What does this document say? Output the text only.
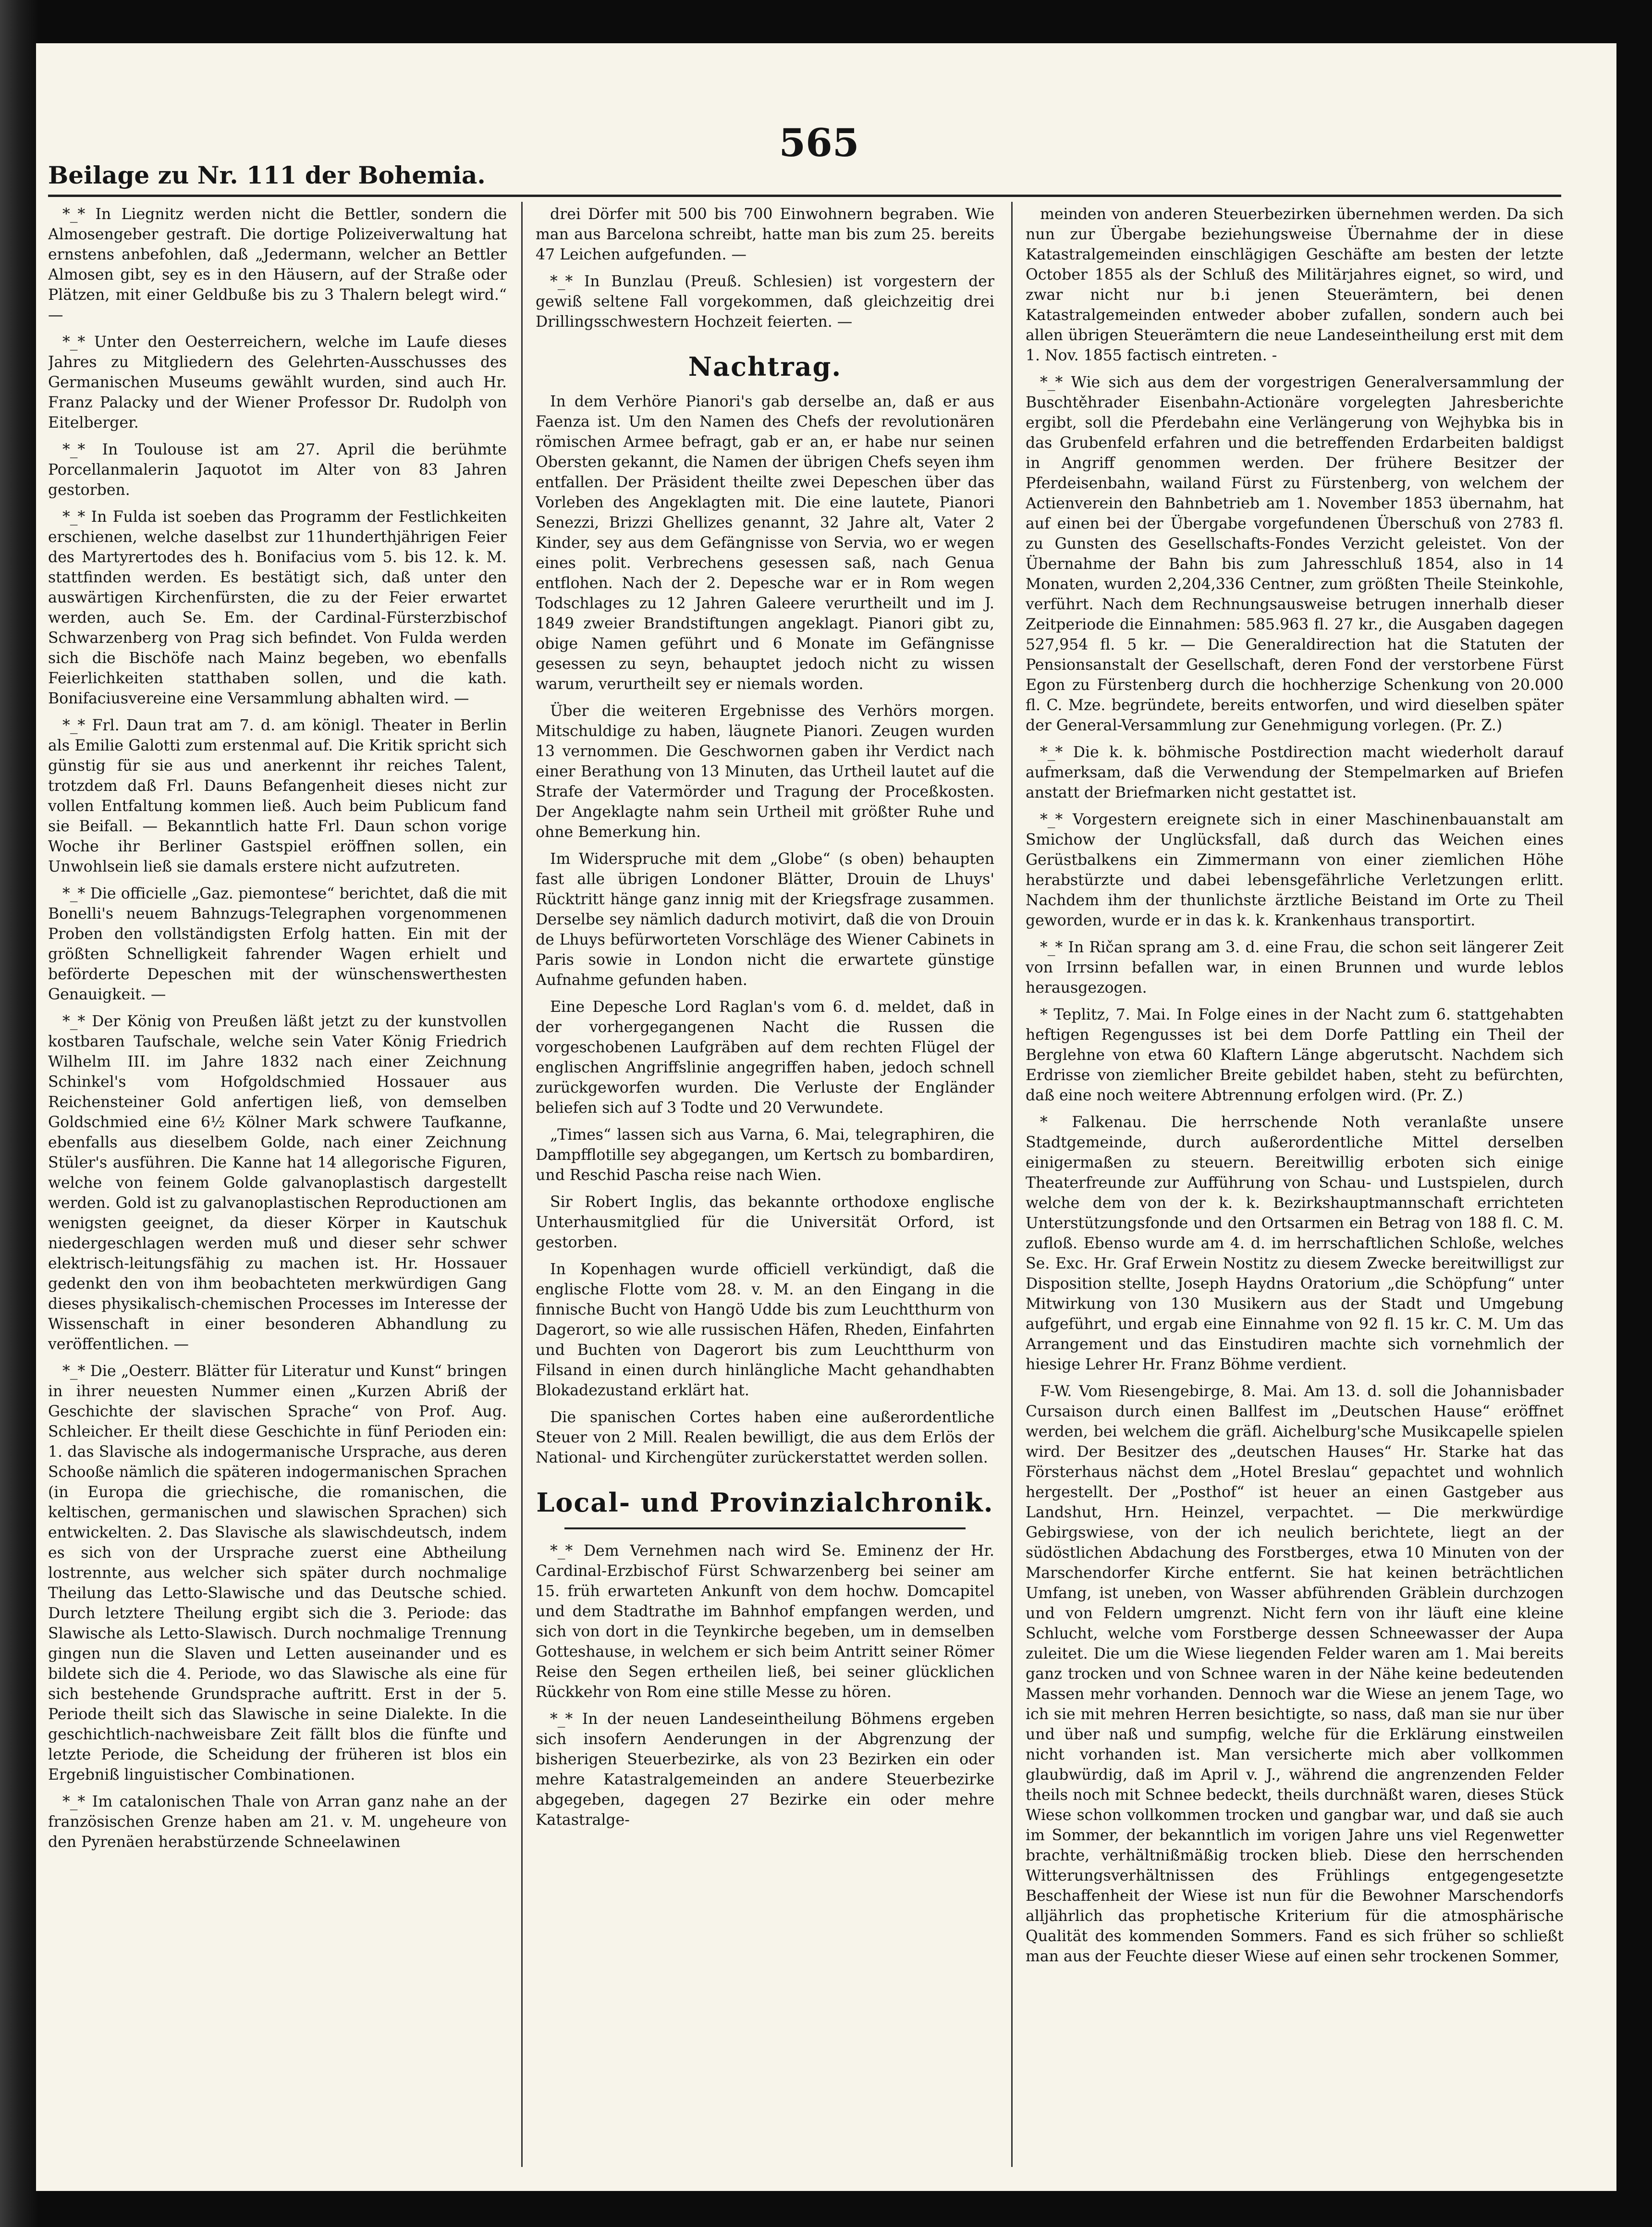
565
Beilage zu Nr. 111 der Bohemia.

*_* In Liegnitz werden nicht die Bettler, sondern die Almosengeber gestraft. Die dortige Polizeiverwaltung hat ernstens anbefohlen, daß „Jedermann, welcher an Bettler Almosen gibt, sey es in den Häusern, auf der Straße oder Plätzen, mit einer Geldbuße bis zu 3 Thalern belegt wird.“ —

*_* Unter den Oesterreichern, welche im Laufe dieses Jahres zu Mitgliedern des Gelehrten-Ausschusses des Germanischen Museums gewählt wurden, sind auch Hr. Franz Palacky und der Wiener Professor Dr. Rudolph von Eitelberger.

*_* In Toulouse ist am 27. April die berühmte Porcellanmalerin Jaquotot im Alter von 83 Jahren gestorben.

*_* In Fulda ist soeben das Programm der Festlichkeiten erschienen, welche daselbst zur 11hunderthjährigen Feier des Martyrertodes des h. Bonifacius vom 5. bis 12. k. M. stattfinden werden. Es bestätigt sich, daß unter den auswärtigen Kirchenfürsten, die zu der Feier erwartet werden, auch Se. Em. der Cardinal-Fürsterzbischof Schwarzenberg von Prag sich befindet. Von Fulda werden sich die Bischöfe nach Mainz begeben, wo ebenfalls Feierlichkeiten statthaben sollen, und die kath. Bonifaciusvereine eine Versammlung abhalten wird. —

*_* Frl. Daun trat am 7. d. am königl. Theater in Berlin als Emilie Galotti zum erstenmal auf. Die Kritik spricht sich günstig für sie aus und anerkennt ihr reiches Talent, trotzdem daß Frl. Dauns Befangenheit dieses nicht zur vollen Entfaltung kommen ließ. Auch beim Publicum fand sie Beifall. — Bekanntlich hatte Frl. Daun schon vorige Woche ihr Berliner Gastspiel eröffnen sollen, ein Unwohlsein ließ sie damals erstere nicht aufzutreten.

*_* Die officielle „Gaz. piemontese“ berichtet, daß die mit Bonelli's neuem Bahnzugs-Telegraphen vorgenommenen Proben den vollständigsten Erfolg hatten. Ein mit der größten Schnelligkeit fahrender Wagen erhielt und beförderte Depeschen mit der wünschenswerthesten Genauigkeit. —

*_* Der König von Preußen läßt jetzt zu der kunstvollen kostbaren Taufschale, welche sein Vater König Friedrich Wilhelm III. im Jahre 1832 nach einer Zeichnung Schinkel's vom Hofgoldschmied Hossauer aus Reichensteiner Gold anfertigen ließ, von demselben Goldschmied eine 6½ Kölner Mark schwere Taufkanne, ebenfalls aus dieselbem Golde, nach einer Zeichnung Stüler's ausführen. Die Kanne hat 14 allegorische Figuren, welche von feinem Golde galvanoplastisch dargestellt werden. Gold ist zu galvanoplastischen Reproductionen am wenigsten geeignet, da dieser Körper in Kautschuk niedergeschlagen werden muß und dieser sehr schwer elektrisch-leitungsfähig zu machen ist. Hr. Hossauer gedenkt den von ihm beobachteten merkwürdigen Gang dieses physikalisch-chemischen Processes im Interesse der Wissenschaft in einer besonderen Abhandlung zu veröffentlichen. —

*_* Die „Oesterr. Blätter für Literatur und Kunst“ bringen in ihrer neuesten Nummer einen „Kurzen Abriß der Geschichte der slavischen Sprache“ von Prof. Aug. Schleicher. Er theilt diese Geschichte in fünf Perioden ein: 1. das Slavische als indogermanische Ursprache, aus deren Schooße nämlich die späteren indogermanischen Sprachen (in Europa die griechische, die romanischen, die keltischen, germanischen und slawischen Sprachen) sich entwickelten. 2. Das Slavische als slawischdeutsch, indem es sich von der Ursprache zuerst eine Abtheilung lostrennte, aus welcher sich später durch nochmalige Theilung das Letto-Slawische und das Deutsche schied. Durch letztere Theilung ergibt sich die 3. Periode: das Slawische als Letto-Slawisch. Durch nochmalige Trennung gingen nun die Slaven und Letten auseinander und es bildete sich die 4. Periode, wo das Slawische als eine für sich bestehende Grundsprache auftritt. Erst in der 5. Periode theilt sich das Slawische in seine Dialekte. In die geschichtlich-nachweisbare Zeit fällt blos die fünfte und letzte Periode, die Scheidung der früheren ist blos ein Ergebniß linguistischer Combinationen.

*_* Im catalonischen Thale von Arran ganz nahe an der französischen Grenze haben am 21. v. M. ungeheure von den Pyrenäen herabstürzende Schneelawinen

drei Dörfer mit 500 bis 700 Einwohnern begraben. Wie man aus Barcelona schreibt, hatte man bis zum 25. bereits 47 Leichen aufgefunden. —

*_* In Bunzlau (Preuß. Schlesien) ist vorgestern der gewiß seltene Fall vorgekommen, daß gleichzeitig drei Drillingsschwestern Hochzeit feierten. —

Nachtrag.

In dem Verhöre Pianori's gab derselbe an, daß er aus Faenza ist. Um den Namen des Chefs der revolutionären römischen Armee befragt, gab er an, er habe nur seinen Obersten gekannt, die Namen der übrigen Chefs seyen ihm entfallen. Der Präsident theilte zwei Depeschen über das Vorleben des Angeklagten mit. Die eine lautete, Pianori Senezzi, Brizzi Ghellizes genannt, 32 Jahre alt, Vater 2 Kinder, sey aus dem Gefängnisse von Servia, wo er wegen eines polit. Verbrechens gesessen saß, nach Genua entflohen. Nach der 2. Depesche war er in Rom wegen Todschlages zu 12 Jahren Galeere verurtheilt und im J. 1849 zweier Brandstiftungen angeklagt. Pianori gibt zu, obige Namen geführt und 6 Monate im Gefängnisse gesessen zu seyn, behauptet jedoch nicht zu wissen warum, verurtheilt sey er niemals worden.

Über die weiteren Ergebnisse des Verhörs morgen. Mitschuldige zu haben, läugnete Pianori. Zeugen wurden 13 vernommen. Die Geschwornen gaben ihr Verdict nach einer Berathung von 13 Minuten, das Urtheil lautet auf die Strafe der Vatermörder und Tragung der Proceßkosten. Der Angeklagte nahm sein Urtheil mit größter Ruhe und ohne Bemerkung hin.

Im Widerspruche mit dem „Globe“ (s oben) behaupten fast alle übrigen Londoner Blätter, Drouin de Lhuys' Rücktritt hänge ganz innig mit der Kriegsfrage zusammen. Derselbe sey nämlich dadurch motivirt, daß die von Drouin de Lhuys befürworteten Vorschläge des Wiener Cabinets in Paris sowie in London nicht die erwartete günstige Aufnahme gefunden haben.

Eine Depesche Lord Raglan's vom 6. d. meldet, daß in der vorhergegangenen Nacht die Russen die vorgeschobenen Laufgräben auf dem rechten Flügel der englischen Angriffslinie angegriffen haben, jedoch schnell zurückgeworfen wurden. Die Verluste der Engländer beliefen sich auf 3 Todte und 20 Verwundete.

„Times“ lassen sich aus Varna, 6. Mai, telegraphiren, die Dampfflotille sey abgegangen, um Kertsch zu bombardiren, und Reschid Pascha reise nach Wien.

Sir Robert Inglis, das bekannte orthodoxe englische Unterhausmitglied für die Universität Orford, ist gestorben.

In Kopenhagen wurde officiell verkündigt, daß die englische Flotte vom 28. v. M. an den Eingang in die finnische Bucht von Hangö Udde bis zum Leuchtthurm von Dagerort, so wie alle russischen Häfen, Rheden, Einfahrten und Buchten von Dagerort bis zum Leuchtthurm von Filsand in einen durch hinlängliche Macht gehandhabten Blokadezustand erklärt hat.

Die spanischen Cortes haben eine außerordentliche Steuer von 2 Mill. Realen bewilligt, die aus dem Erlös der National- und Kirchengüter zurückerstattet werden sollen.

Local- und Provinzialchronik.

*_* Dem Vernehmen nach wird Se. Eminenz der Hr. Cardinal-Erzbischof Fürst Schwarzenberg bei seiner am 15. früh erwarteten Ankunft von dem hochw. Domcapitel und dem Stadtrathe im Bahnhof empfangen werden, und sich von dort in die Teynkirche begeben, um in demselben Gotteshause, in welchem er sich beim Antritt seiner Römer Reise den Segen ertheilen ließ, bei seiner glücklichen Rückkehr von Rom eine stille Messe zu hören.

*_* In der neuen Landeseintheilung Böhmens ergeben sich insofern Aenderungen in der Abgrenzung der bisherigen Steuerbezirke, als von 23 Bezirken ein oder mehre Katastralgemeinden an andere Steuerbezirke abgegeben, dagegen 27 Bezirke ein oder mehre Katastralge-

meinden von anderen Steuerbezirken übernehmen werden. Da sich nun zur Übergabe beziehungsweise Übernahme der in diese Katastralgemeinden einschlägigen Geschäfte am besten der letzte October 1855 als der Schluß des Militärjahres eignet, so wird, und zwar nicht nur b.i jenen Steuerämtern, bei denen Katastralgemeinden entweder abober zufallen, sondern auch bei allen übrigen Steuerämtern die neue Landeseintheilung erst mit dem 1. Nov. 1855 factisch eintreten. -

*_* Wie sich aus dem der vorgestrigen Generalversammlung der Buschtěhrader Eisenbahn-Actionäre vorgelegten Jahresberichte ergibt, soll die Pferdebahn eine Verlängerung von Wejhybka bis in das Grubenfeld erfahren und die betreffenden Erdarbeiten baldigst in Angriff genommen werden. Der frühere Besitzer der Pferdeisenbahn, wailand Fürst zu Fürstenberg, von welchem der Actienverein den Bahnbetrieb am 1. November 1853 übernahm, hat auf einen bei der Übergabe vorgefundenen Überschuß von 2783 fl. zu Gunsten des Gesellschafts-Fondes Verzicht geleistet. Von der Übernahme der Bahn bis zum Jahresschluß 1854, also in 14 Monaten, wurden 2,204,336 Centner, zum größten Theile Steinkohle, verführt. Nach dem Rechnungsausweise betrugen innerhalb dieser Zeitperiode die Einnahmen: 585.963 fl. 27 kr., die Ausgaben dagegen 527,954 fl. 5 kr. — Die Generaldirection hat die Statuten der Pensionsanstalt der Gesellschaft, deren Fond der verstorbene Fürst Egon zu Fürstenberg durch die hochherzige Schenkung von 20.000 fl. C. Mze. begründete, bereits entworfen, und wird dieselben später der General-Versammlung zur Genehmigung vorlegen. (Pr. Z.)

*_* Die k. k. böhmische Postdirection macht wiederholt darauf aufmerksam, daß die Verwendung der Stempelmarken auf Briefen anstatt der Briefmarken nicht gestattet ist.

*_* Vorgestern ereignete sich in einer Maschinenbauanstalt am Smichow der Unglücksfall, daß durch das Weichen eines Gerüstbalkens ein Zimmermann von einer ziemlichen Höhe herabstürzte und dabei lebensgefährliche Verletzungen erlitt. Nachdem ihm der thunlichste ärztliche Beistand im Orte zu Theil geworden, wurde er in das k. k. Krankenhaus transportirt.

*_* In Ričan sprang am 3. d. eine Frau, die schon seit längerer Zeit von Irrsinn befallen war, in einen Brunnen und wurde leblos herausgezogen.

* Teplitz, 7. Mai. In Folge eines in der Nacht zum 6. stattgehabten heftigen Regengusses ist bei dem Dorfe Pattling ein Theil der Berglehne von etwa 60 Klaftern Länge abgerutscht. Nachdem sich Erdrisse von ziemlicher Breite gebildet haben, steht zu befürchten, daß eine noch weitere Abtrennung erfolgen wird. (Pr. Z.)

* Falkenau. Die herrschende Noth veranlaßte unsere Stadtgemeinde, durch außerordentliche Mittel derselben einigermaßen zu steuern. Bereitwillig erboten sich einige Theaterfreunde zur Aufführung von Schau- und Lustspielen, durch welche dem von der k. k. Bezirkshauptmannschaft errichteten Unterstützungsfonde und den Ortsarmen ein Betrag von 188 fl. C. M. zufloß. Ebenso wurde am 4. d. im herrschaftlichen Schloße, welches Se. Exc. Hr. Graf Erwein Nostitz zu diesem Zwecke bereitwilligst zur Disposition stellte, Joseph Haydns Oratorium „die Schöpfung“ unter Mitwirkung von 130 Musikern aus der Stadt und Umgebung aufgeführt, und ergab eine Einnahme von 92 fl. 15 kr. C. M. Um das Arrangement und das Einstudiren machte sich vornehmlich der hiesige Lehrer Hr. Franz Böhme verdient.

F-W. Vom Riesengebirge, 8. Mai. Am 13. d. soll die Johannisbader Cursaison durch einen Ballfest im „Deutschen Hause“ eröffnet werden, bei welchem die gräfl. Aichelburg'sche Musikcapelle spielen wird. Der Besitzer des „deutschen Hauses“ Hr. Starke hat das Försterhaus nächst dem „Hotel Breslau“ gepachtet und wohnlich hergestellt. Der „Posthof“ ist heuer an einen Gastgeber aus Landshut, Hrn. Heinzel, verpachtet. — Die merkwürdige Gebirgswiese, von der ich neulich berichtete, liegt an der südöstlichen Abdachung des Forstberges, etwa 10 Minuten von der Marschendorfer Kirche entfernt. Sie hat keinen beträchtlichen Umfang, ist uneben, von Wasser abführenden Gräblein durchzogen und von Feldern umgrenzt. Nicht fern von ihr läuft eine kleine Schlucht, welche vom Forstberge dessen Schneewasser der Aupa zuleitet. Die um die Wiese liegenden Felder waren am 1. Mai bereits ganz trocken und von Schnee waren in der Nähe keine bedeutenden Massen mehr vorhanden. Dennoch war die Wiese an jenem Tage, wo ich sie mit mehren Herren besichtigte, so nass, daß man sie nur über und über naß und sumpfig, welche für die Erklärung einstweilen nicht vorhanden ist. Man versicherte mich aber vollkommen glaubwürdig, daß im April v. J., während die angrenzenden Felder theils noch mit Schnee bedeckt, theils durchnäßt waren, dieses Stück Wiese schon vollkommen trocken und gangbar war, und daß sie auch im Sommer, der bekanntlich im vorigen Jahre uns viel Regenwetter brachte, verhältnißmäßig trocken blieb. Diese den herrschenden Witterungsverhältnissen des Frühlings entgegengesetzte Beschaffenheit der Wiese ist nun für die Bewohner Marschendorfs alljährlich das prophetische Kriterium für die atmosphärische Qualität des kommenden Sommers. Fand es sich früher so schließt man aus der Feuchte dieser Wiese auf einen sehr trockenen Sommer,
